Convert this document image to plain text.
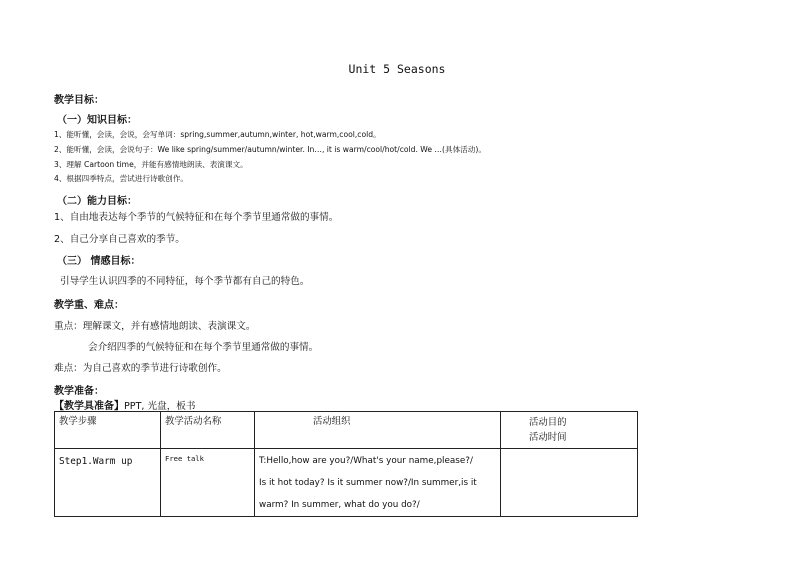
Unit 5 Seasons
教学目标：
（一）知识目标：
1、能听懂，会读，会说，会写单词：spring,summer,autumn,winter, hot,warm,cool,cold。
2、能听懂，会读，会说句子：We like spring/summer/autumn/winter. In…, it is warm/cool/hot/cold. We …(具体活动)。
3、理解 Cartoon time，并能有感情地朗读、表演课文。
4、根据四季特点，尝试进行诗歌创作。
（二）能力目标：
1、自由地表达每个季节的气候特征和在每个季节里通常做的事情。
2、自己分享自己喜欢的季节。
（三） 情感目标：
引导学生认识四季的不同特征，每个季节都有自己的特色。
教学重、难点：
重点：理解课文，并有感情地朗读、表演课文。
会介绍四季的气候特征和在每个季节里通常做的事情。
难点：为自己喜欢的季节进行诗歌创作。
教学准备：
【教学具准备】PPT, 光盘，板书
教学步骤	教学活动名称	活动组织	活动目的
活动时间

Step1.Warm up	Free talk	T:Hello,how are you?/What's your name,please?/
Is it hot today? Is it summer now?/In summer,is it
warm? In summer, what do you do?/	
